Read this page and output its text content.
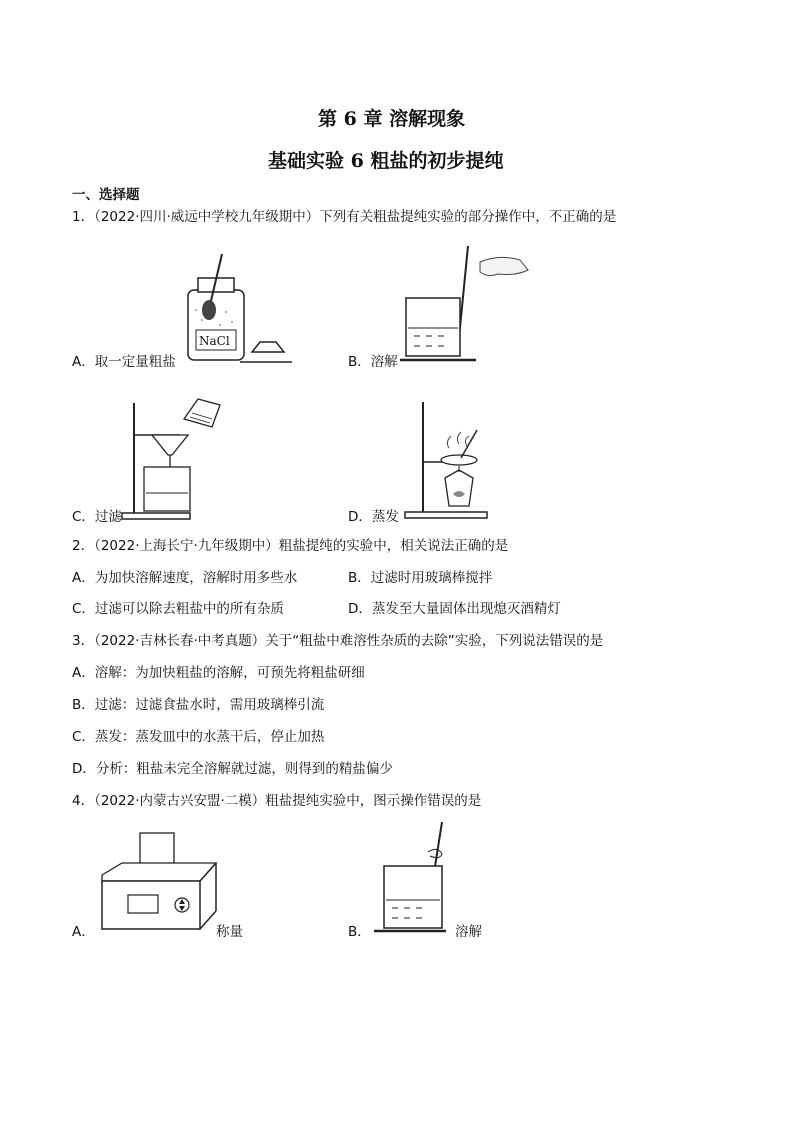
第 6 章 溶解现象
基础实验 6 粗盐的初步提纯
一、选择题
1．（2022·四川·威远中学校九年级期中）下列有关粗盐提纯实验的部分操作中，不正确的是
NaCl
A．取一定量粗盐	B．溶解
C．过滤	D．蒸发
2．（2022·上海长宁·九年级期中）粗盐提纯的实验中，相关说法正确的是
A．为加快溶解速度，溶解时用多些水	B．过滤时用玻璃棒搅拌
C．过滤可以除去粗盐中的所有杂质	D．蒸发至大量固体出现熄灭酒精灯
3．（2022·吉林长春·中考真题）关于“粗盐中难溶性杂质的去除”实验，下列说法错误的是
A．溶解：为加快粗盐的溶解，可预先将粗盐研细
B．过滤：过滤食盐水时，需用玻璃棒引流
C．蒸发：蒸发皿中的水蒸干后，停止加热
D．分析：粗盐未完全溶解就过滤，则得到的精盐偏少
4．（2022·内蒙古兴安盟·二模）粗盐提纯实验中，图示操作错误的是
A．	称量	B．	溶解
